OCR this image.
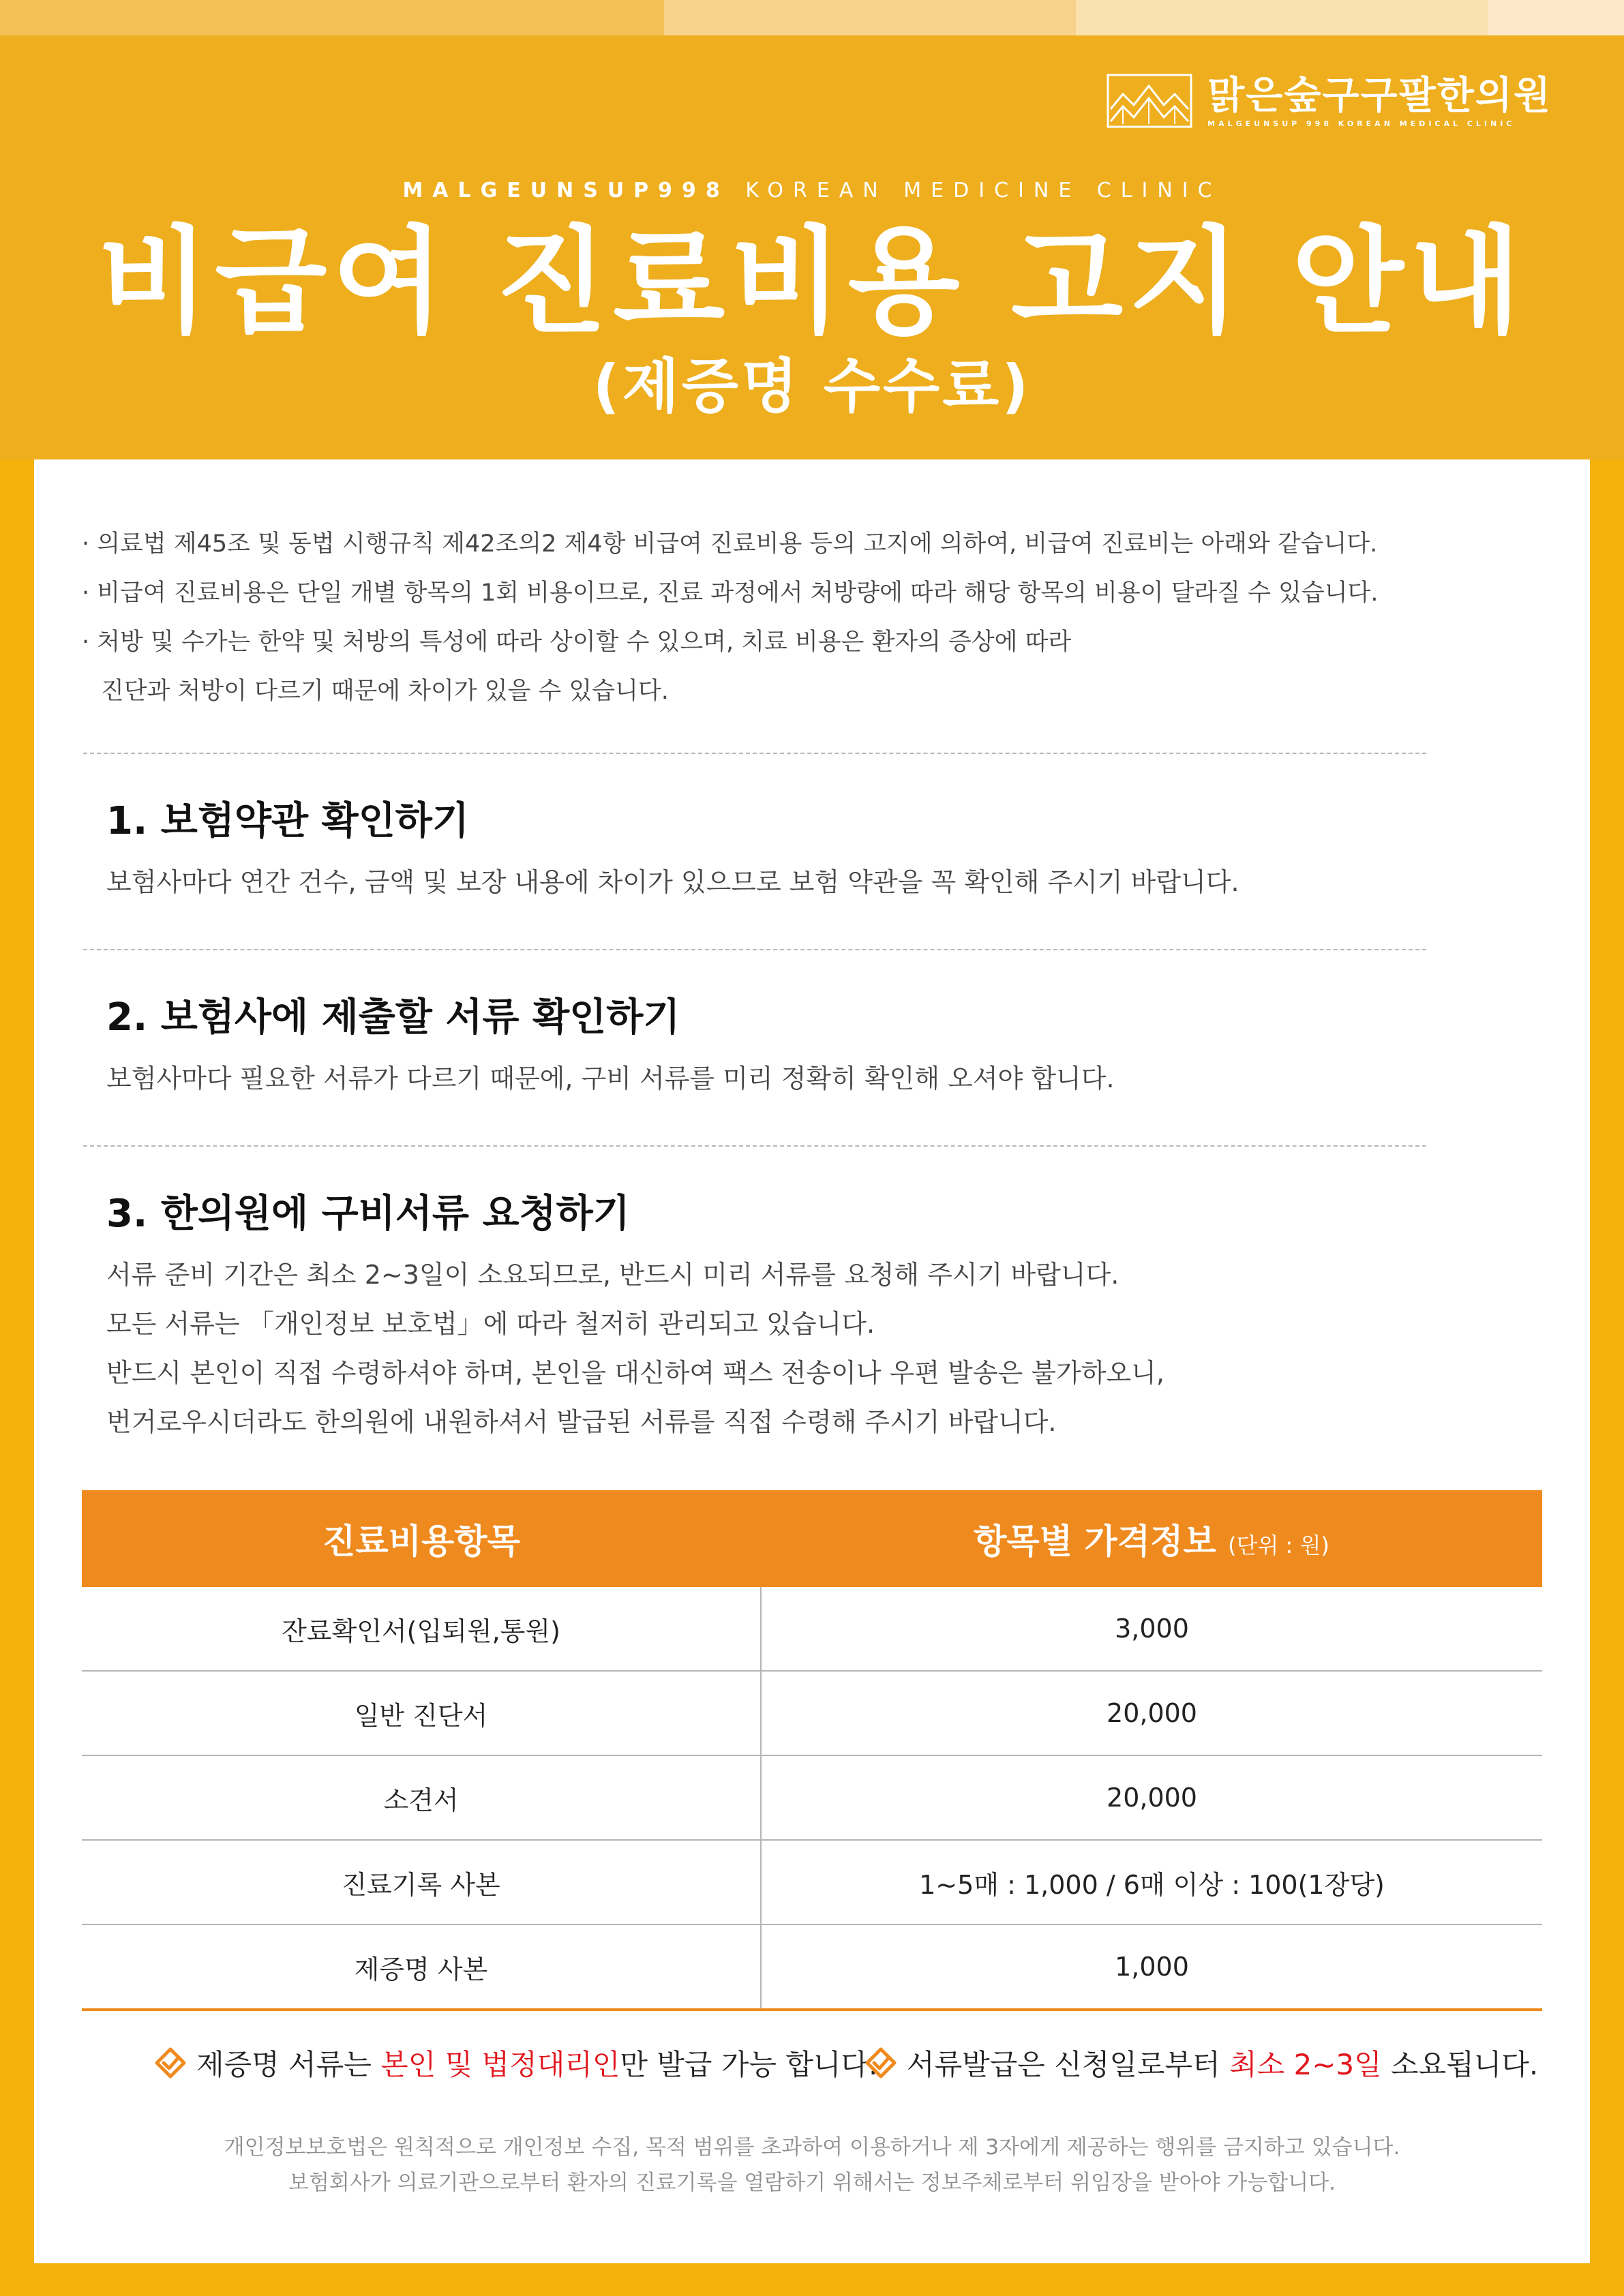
맑은숲구구팔한의원
MALGEUNSUP 998 KOREAN MEDICAL CLINIC
MALGEUNSUP998 KOREAN MEDICINE CLINIC
비급여 진료비용 고지 안내
(제증명 수수료)

· 의료법 제45조 및 동법 시행규칙 제42조의2 제4항 비급여 진료비용 등의 고지에 의하여, 비급여 진료비는 아래와 같습니다.

· 비급여 진료비용은 단일 개별 항목의 1회 비용이므로, 진료 과정에서 처방량에 따라 해당 항목의 비용이 달라질 수 있습니다.

· 처방 및 수가는 한약 및 처방의 특성에 따라 상이할 수 있으며, 치료 비용은 환자의 증상에 따라

진단과 처방이 다르기 때문에 차이가 있을 수 있습니다.

1. 보험약관 확인하기

보험사마다 연간 건수, 금액 및 보장 내용에 차이가 있으므로 보험 약관을 꼭 확인해 주시기 바랍니다.

2. 보험사에 제출할 서류 확인하기

보험사마다 필요한 서류가 다르기 때문에, 구비 서류를 미리 정확히 확인해 오셔야 합니다.

3. 한의원에 구비서류 요청하기

서류 준비 기간은 최소 2~3일이 소요되므로, 반드시 미리 서류를 요청해 주시기 바랍니다.

모든 서류는 「개인정보 보호법」에 따라 철저히 관리되고 있습니다.

반드시 본인이 직접 수령하셔야 하며, 본인을 대신하여 팩스 전송이나 우편 발송은 불가하오니,

번거로우시더라도 한의원에 내원하셔서 발급된 서류를 직접 수령해 주시기 바랍니다.

진료비용항목	항목별 가격정보 (단위 : 원)
잔료확인서(입퇴원,통원)	3,000
일반 진단서	20,000
소견서	20,000
진료기록 사본	1~5매 : 1,000 / 6매 이상 : 100(1장당)
제증명 사본	1,000
제증명 서류는 본인 및 법정대리인만 발급 가능 합니다. 서류발급은 신청일로부터 최소 2~3일 소요됩니다.

개인정보보호법은 원칙적으로 개인정보 수집, 목적 범위를 초과하여 이용하거나 제 3자에게 제공하는 행위를 금지하고 있습니다.

보험회사가 의료기관으로부터 환자의 진료기록을 열람하기 위해서는 정보주체로부터 위임장을 받아야 가능합니다.
